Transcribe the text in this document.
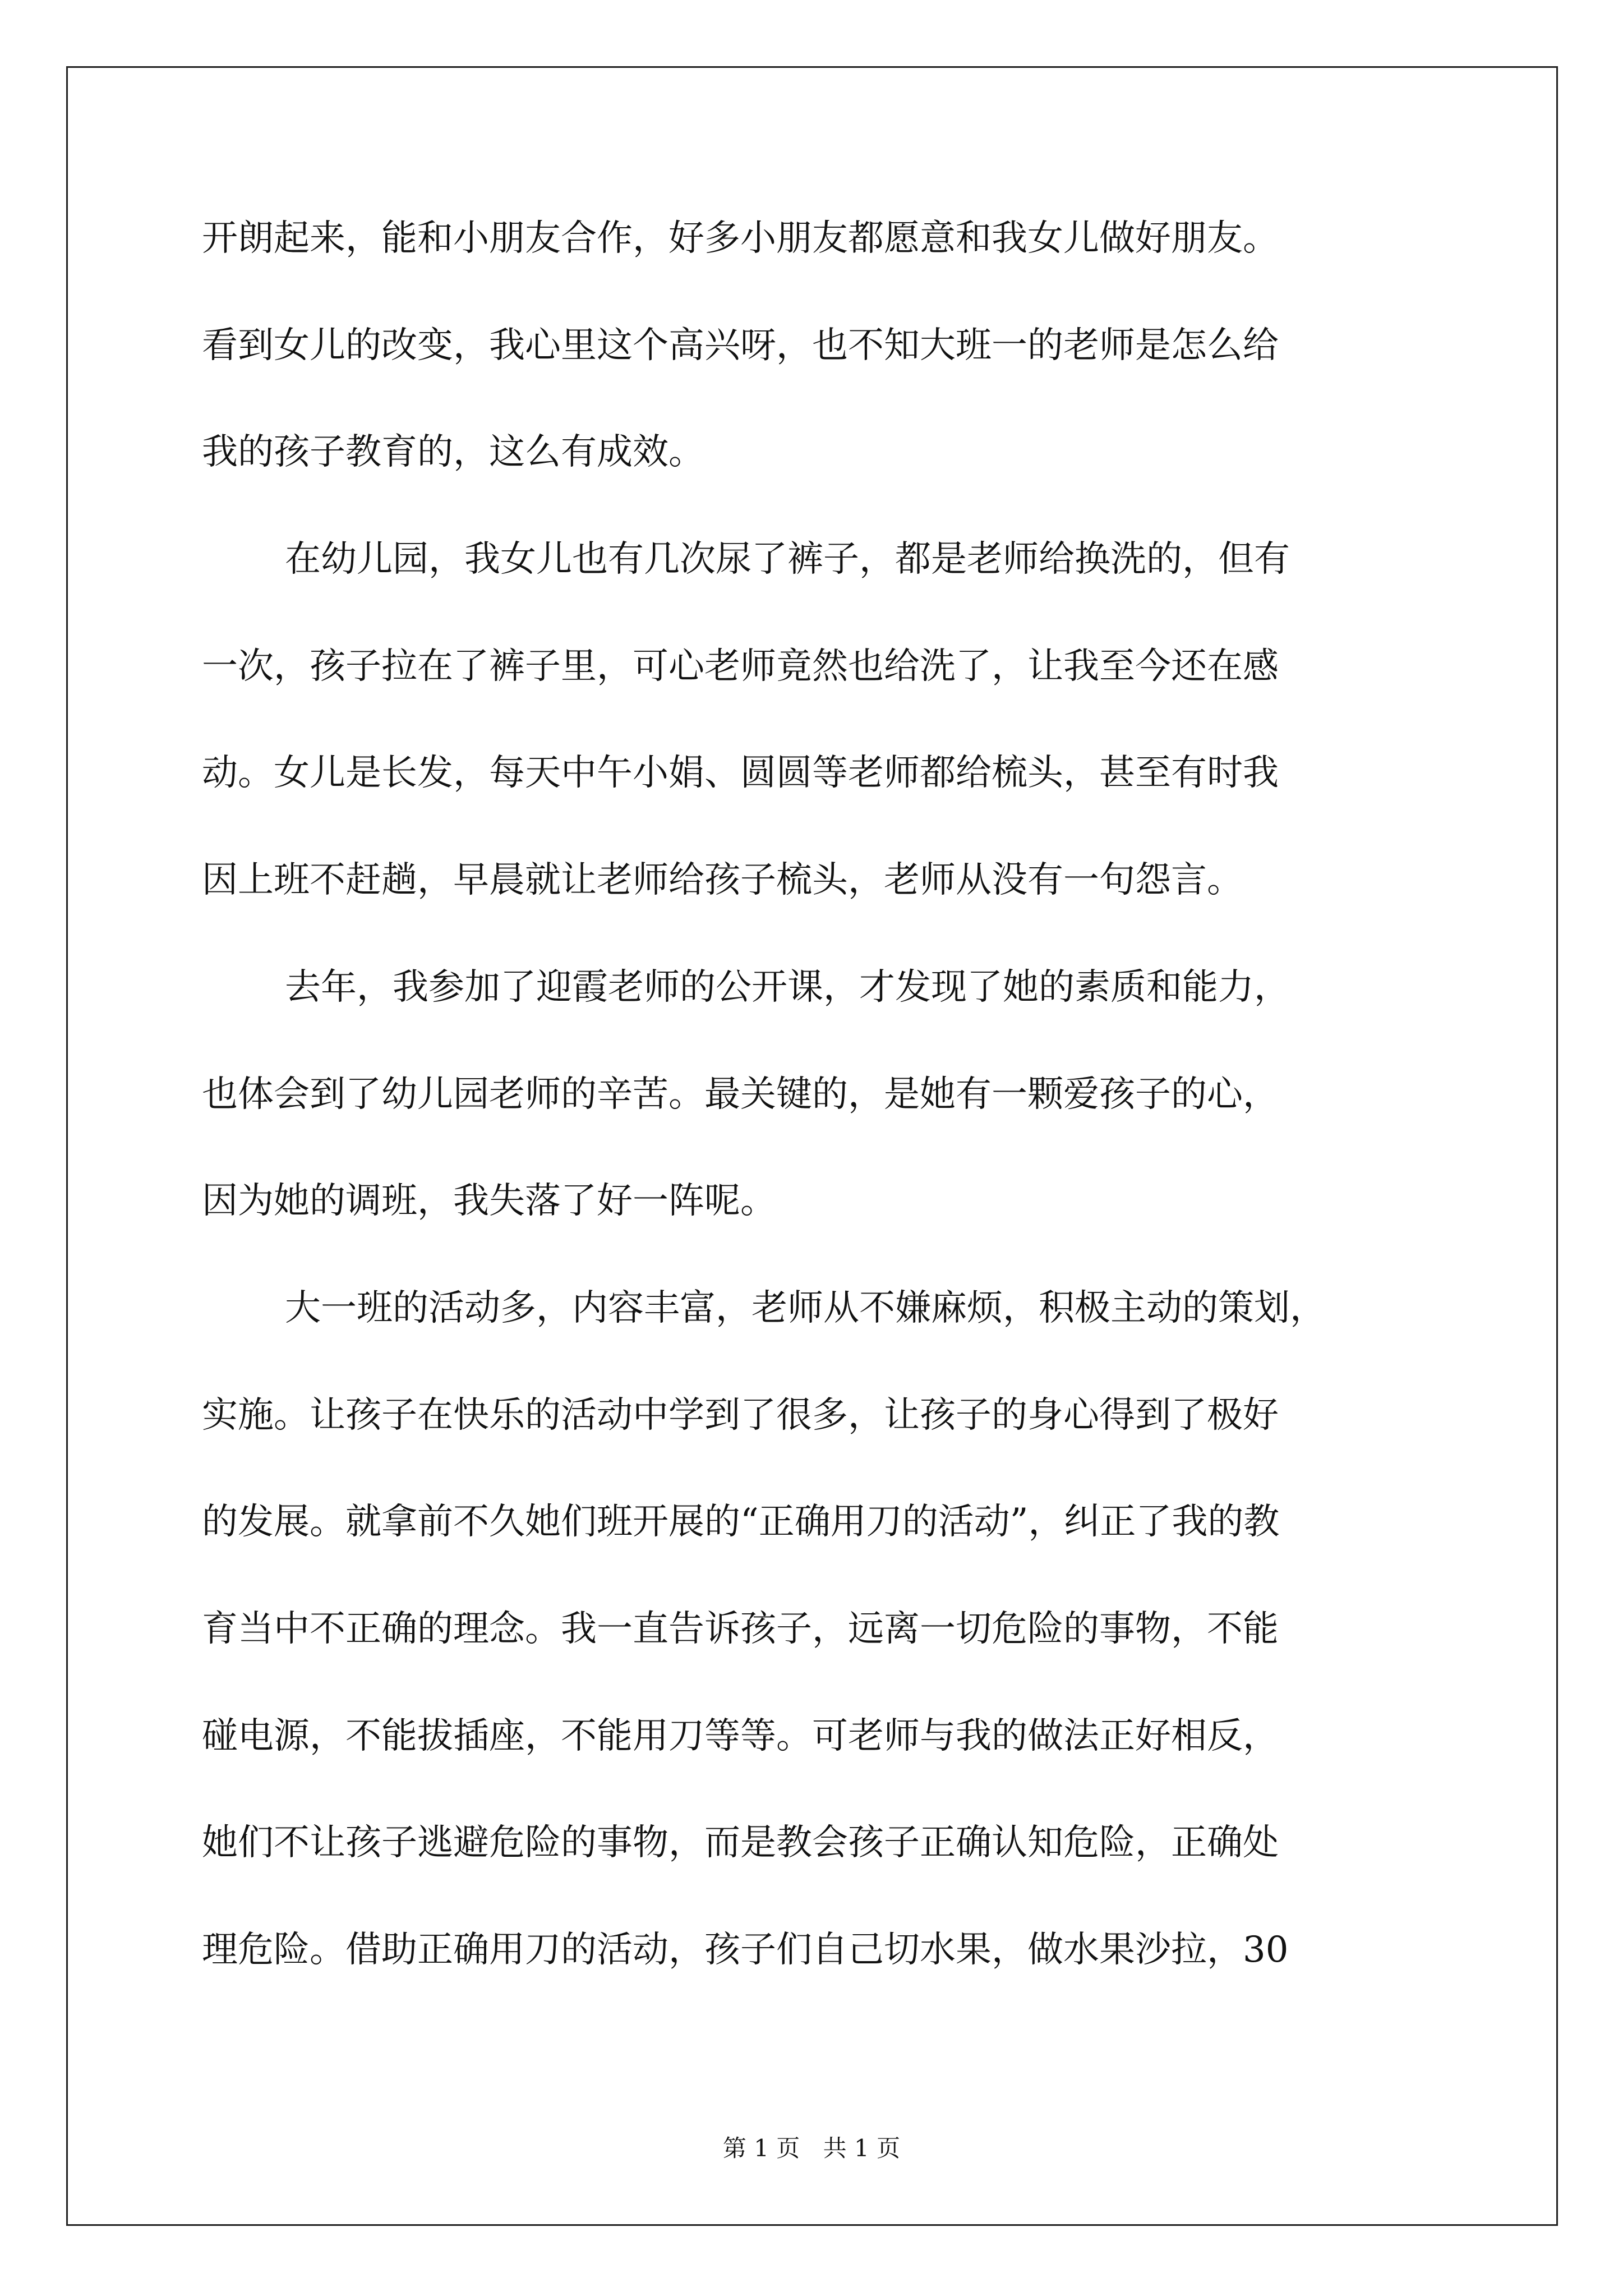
开朗起来，能和小朋友合作，好多小朋友都愿意和我女儿做好朋友。
看到女儿的改变，我心里这个高兴呀，也不知大班一的老师是怎么给
我的孩子教育的，这么有成效。
在幼儿园，我女儿也有几次尿了裤子，都是老师给换洗的，但有
一次，孩子拉在了裤子里，可心老师竟然也给洗了，让我至今还在感
动。女儿是长发，每天中午小娟、圆圆等老师都给梳头，甚至有时我
因上班不赶趟，早晨就让老师给孩子梳头，老师从没有一句怨言。
去年，我参加了迎霞老师的公开课，才发现了她的素质和能力，
也体会到了幼儿园老师的辛苦。最关键的，是她有一颗爱孩子的心，
因为她的调班，我失落了好一阵呢。
大一班的活动多，内容丰富，老师从不嫌麻烦，积极主动的策划，
实施。让孩子在快乐的活动中学到了很多，让孩子的身心得到了极好
的发展。就拿前不久她们班开展的“正确用刀的活动”，纠正了我的教
育当中不正确的理念。我一直告诉孩子，远离一切危险的事物，不能
碰电源，不能拔插座，不能用刀等等。可老师与我的做法正好相反，
她们不让孩子逃避危险的事物，而是教会孩子正确认知危险，正确处
理危险。借助正确用刀的活动，孩子们自己切水果，做水果沙拉，30
第 1 页 共 1 页
